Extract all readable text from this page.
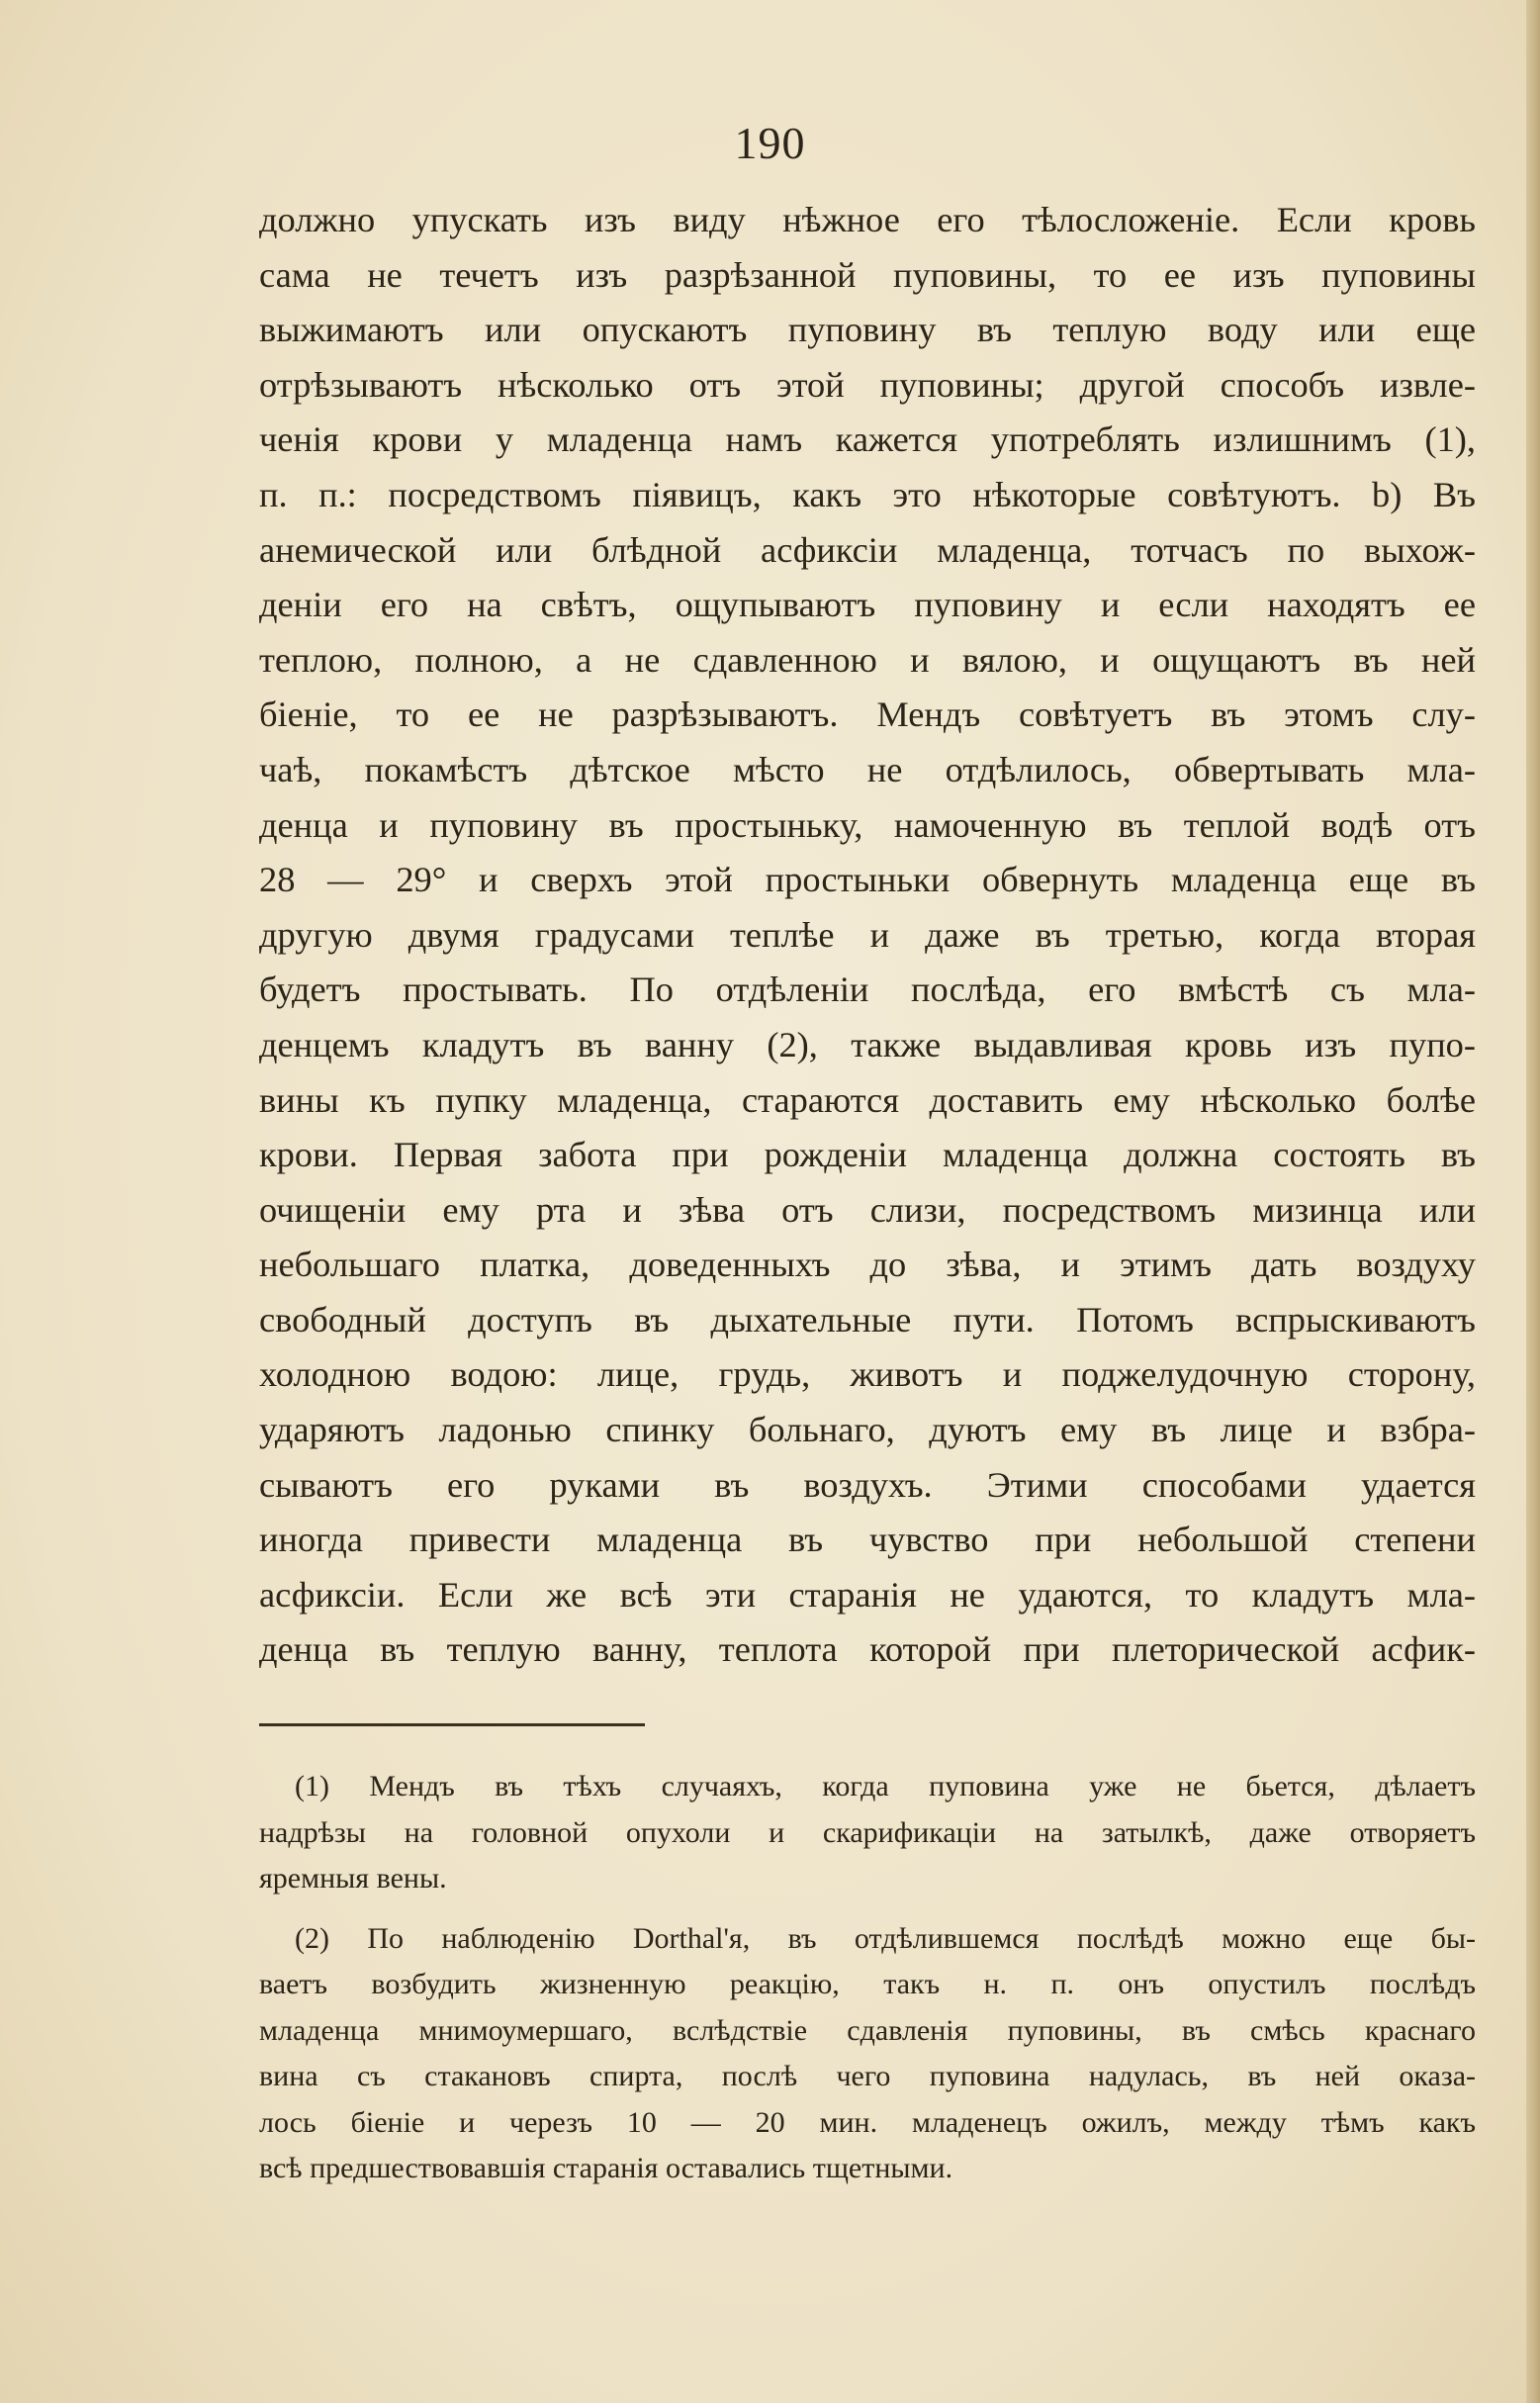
190
должно упускать изъ виду нѣжное его тѣлосложеніе. Если кровь
сама не течетъ изъ разрѣзанной пуповины, то ее изъ пуповины
выжимаютъ или опускаютъ пуповину въ теплую воду или еще
отрѣзываютъ нѣсколько отъ этой пуповины; другой способъ извле-
ченія крови у младенца намъ кажется употреблять излишнимъ (1),
п. п.: посредствомъ піявицъ, какъ это нѣкоторые совѣтуютъ. b) Въ
анемической или блѣдной асфиксіи младенца, тотчасъ по выхож-
деніи его на свѣтъ, ощупываютъ пуповину и если находятъ ее
теплою, полною, а не сдавленною и вялою, и ощущаютъ въ ней
біеніе, то ее не разрѣзываютъ. Мендъ совѣтуетъ въ этомъ слу-
чаѣ, покамѣстъ дѣтское мѣсто не отдѣлилось, обвертывать мла-
денца и пуповину въ простыньку, намоченную въ теплой водѣ отъ
28 — 29° и сверхъ этой простыньки обвернуть младенца еще въ
другую двумя градусами теплѣе и даже въ третью, когда вторая
будетъ простывать. По отдѣленіи послѣда, его вмѣстѣ съ мла-
денцемъ кладутъ въ ванну (2), также выдавливая кровь изъ пупо-
вины къ пупку младенца, стараются доставить ему нѣсколько болѣе
крови. Первая забота при рожденіи младенца должна состоять въ
очищеніи ему рта и зѣва отъ слизи, посредствомъ мизинца или
небольшаго платка, доведенныхъ до зѣва, и этимъ дать воздуху
свободный доступъ въ дыхательные пути. Потомъ вспрыскиваютъ
холодною водою: лице, грудь, животъ и поджелудочную сторону,
ударяютъ ладонью спинку больнаго, дуютъ ему въ лице и взбра-
сываютъ его руками въ воздухъ. Этими способами удается
иногда привести младенца въ чувство при небольшой степени
асфиксіи. Если же всѣ эти старанія не удаются, то кладутъ мла-
денца въ теплую ванну, теплота которой при плеторической асфик-
(1) Мендъ въ тѣхъ случаяхъ, когда пуповина уже не бьется, дѣлаетъ
надрѣзы на головной опухоли и скарификаціи на затылкѣ, даже отворяетъ
яремныя вены.
(2) По наблюденію Dorthal'я, въ отдѣлившемся послѣдѣ можно еще бы-
ваетъ возбудить жизненную реакцію, такъ н. п. онъ опустилъ послѣдъ
младенца мнимоумершаго, вслѣдствіе сдавленія пуповины, въ смѣсь краснаго
вина съ стакановъ спирта, послѣ чего пуповина надулась, въ ней оказа-
лось біеніе и черезъ 10 — 20 мин. младенецъ ожилъ, между тѣмъ какъ
всѣ предшествовавшія старанія оставались тщетными.
